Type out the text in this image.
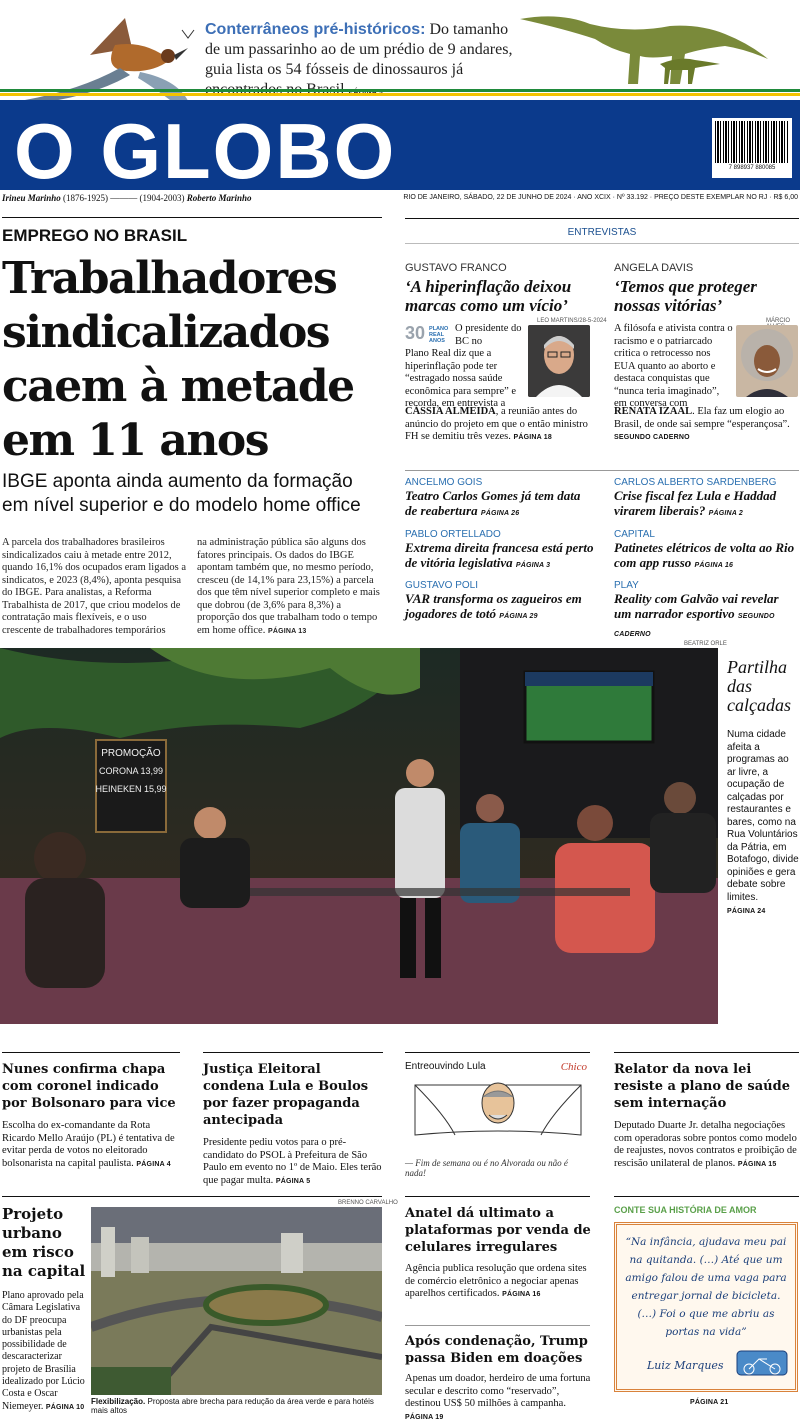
Conterrâneos pré-históricos: Do tamanho de um passarinho ao de um prédio de 9 andares, guia lista os 54 fósseis de dinossauros já
O GLOBO	7 898937 880085
Irineu Marinho (1876-1925) ——— (1904-2003) Roberto Marinho	RIO DE JANEIRO, SÁBADO, 22 DE JUNHO DE 2024 · ANO XCIX · Nº 33.192 · PREÇO DESTE EXEMPLAR NO RJ · R$ 6,00
EMPREGO NO BRASIL
Trabalhadores sindicalizados caem à metade em 11 anos
IBGE aponta ainda aumento da formação em nível superior e do modelo home office
A parcela dos trabalhadores brasileiros sindicalizados caiu à metade entre 2012, quando 16,1% dos ocupados eram ligados a sindicatos, e 2023 (8,4%), aponta pesquisa do IBGE. Para analistas, a Reforma Trabalhista de 2017, que criou modelos de contratação mais flexíveis, e o uso crescente de trabalhadores temporários
na administração pública são alguns dos fatores principais. Os dados do IBGE apontam também que, no mesmo período, cresceu (de 14,1% para 23,15%) a parcela dos que têm nível superior completo e mais que dobrou (de 3,6% para 8,3%) a proporção dos que trabalham todo o tempo em home office. PÁGINA 13
ENTREVISTAS
GUSTAVO FRANCO
‘A hiperinflação deixou marcas como um vício’
30 PLANO REAL ANOS
LEO MARTINS/28-5-2024
O presidente do BC no
Plano Real diz que a hiperinflação pode ter “estragado nossa saúde econômica para sempre” e recorda, em entrevista a
CÁSSIA ALMEIDA, a reunião antes do anúncio do projeto em que o então ministro FH se demitiu três vezes. PÁGINA 18
ANGELA DAVIS
‘Temos que proteger nossas vitórias’
MÁRCIO
A filósofa e ativista contra o racismo e o patriarcado critica o retrocesso nos EUA quanto ao aborto e destaca conquistas que “nunca teria imaginado”, em conversa com
RENATA IZAAL. Ela faz um elogio ao Brasil, de onde sai sempre “esperançosa”. SEGUNDO CADERNO
ANCELMO GOIS
Teatro Carlos Gomes já tem data de reabertura PÁGINA 26
CARLOS ALBERTO SARDENBERG
Crise fiscal fez Lula e Haddad virarem liberais? PÁGINA 2
PABLO ORTELLADO
Extrema direita francesa está perto de vitória legislativa PÁGINA 3
CAPITAL
Patinetes elétricos de volta ao Rio com app russo PÁGINA 16
GUSTAVO POLI
VAR transforma os zagueiros em jogadores de totó PÁGINA 29
PLAY
Reality com Galvão vai revelar um narrador esportivo SEGUNDO CADERNO
BEATRIZ ORLE
PROMOÇÃO
CORONA 13,99
HEINEKEN 15,99
Partilha das calçadas
Numa cidade afeita a programas ao ar livre, a ocupação de calçadas por restaurantes e bares, como na Rua Voluntários da Pátria, em Botafogo, divide opiniões e gera debate sobre limites.
PÁGINA 24
Nunes confirma chapa com coronel indicado por Bolsonaro para vice
Escolha do ex-comandante da Rota Ricardo Mello Araújo (PL) é tentativa de evitar perda de votos no eleitorado bolsonarista na capital paulista. PÁGINA 4
Justiça Eleitoral condena Lula e Boulos por fazer propaganda antecipada
Presidente pediu votos para o pré-candidato do PSOL à Prefeitura de São Paulo em evento no 1º de Maio. Eles terão que pagar multa. PÁGINA 5
Relator da nova lei resiste a plano de saúde sem internação
Deputado Duarte Jr. detalha negociações com operadoras sobre pontos como modelo de reajustes, novos contratos e proibição de rescisão unilateral de planos. PÁGINA 15
Entreouvindo Lula	Chico
— Fim de semana ou é no Alvorada ou não é nada!
Projeto urbano em risco na capital
Plano aprovado pela Câmara Legislativa do DF preocupa urbanistas pela possibilidade de descaracterizar projeto de Brasília idealizado por Lúcio Costa e Oscar Niemeyer. PÁGINA 10
BRENNO CARVALHO
Flexibilização. Proposta abre brecha para redução da área verde e para hotéis mais altos
Anatel dá ultimato a plataformas por venda de celulares irregulares
Agência publica resolução que ordena sites de comércio eletrônico a negociar apenas aparelhos certificados. PÁGINA 16
Após condenação, Trump passa Biden em doações
Apenas um doador, herdeiro de uma fortuna secular e descrito como “reservado”, destinou US$ 50 milhões à campanha. PÁGINA 19
CONTE SUA HISTÓRIA DE AMOR
“Na infância, ajudava meu pai na quitanda. (…) Até que um amigo falou de uma vaga para entregar jornal de bicicleta. (…) Foi o que me abriu as portas na vida”
Luiz Marques
PÁGINA 21
